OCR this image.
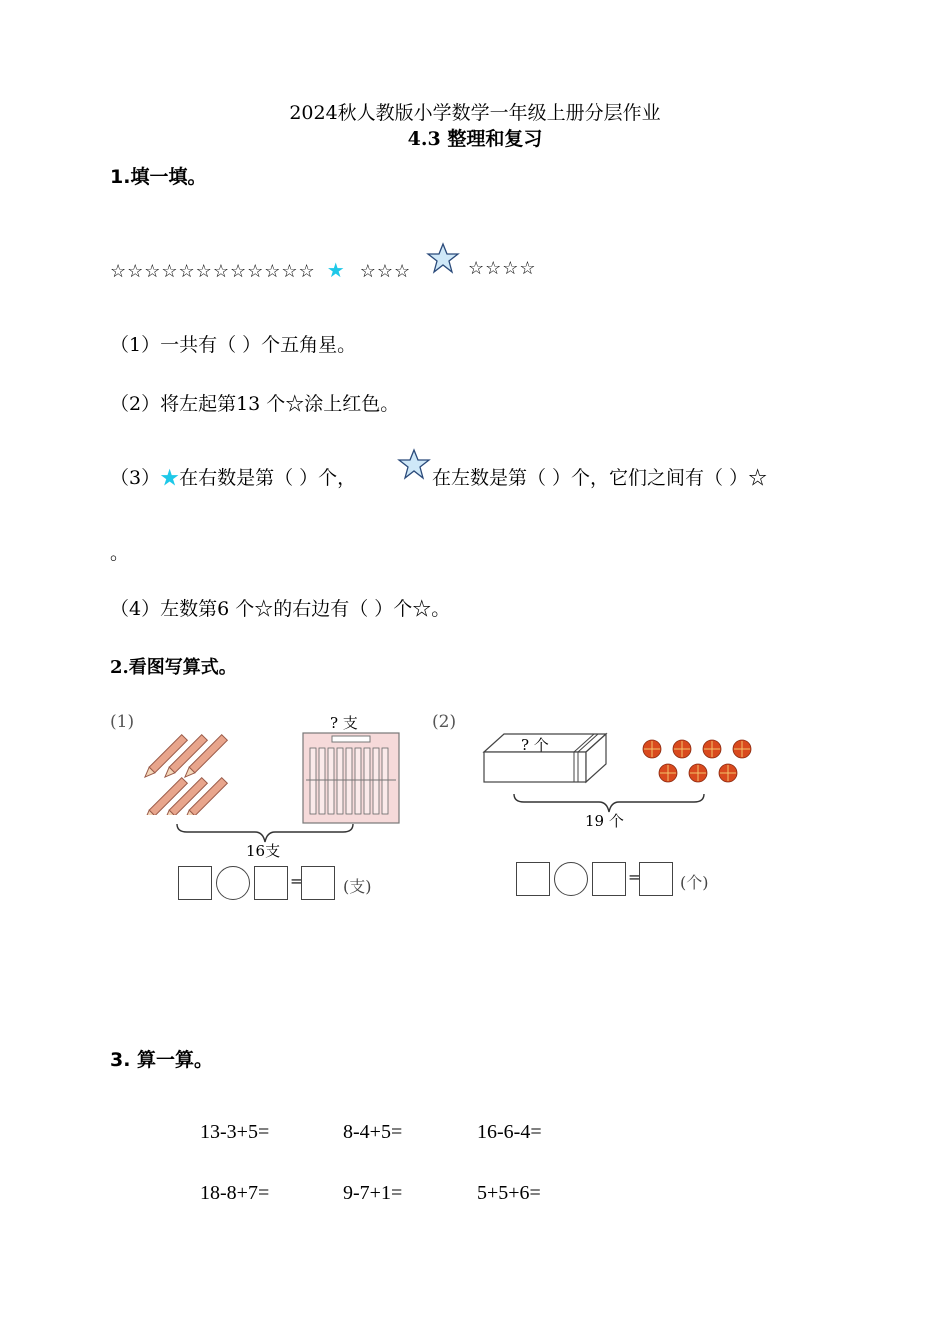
2024秋人教版小学数学一年级上册分层作业
4.3 整理和复习
1.填一填。
☆☆☆☆☆☆☆☆☆☆☆☆ ★ ☆☆☆	☆☆☆☆
（1）一共有（ ）个五角星。
（2）将左起第13 个☆涂上红色。
（3）★在右数是第（ ）个，	在左数是第（ ）个，它们之间有（ ）☆
。
（4）左数第6 个☆的右边有（ ）个☆。
2.看图写算式。
(1)	? 支
16支
=	(支)
(2)
? 个
19 个
= (个)
3. 算一算。
13-3+5=	8-4+5=	16-6-4=
18-8+7=	9-7+1=	5+5+6=
